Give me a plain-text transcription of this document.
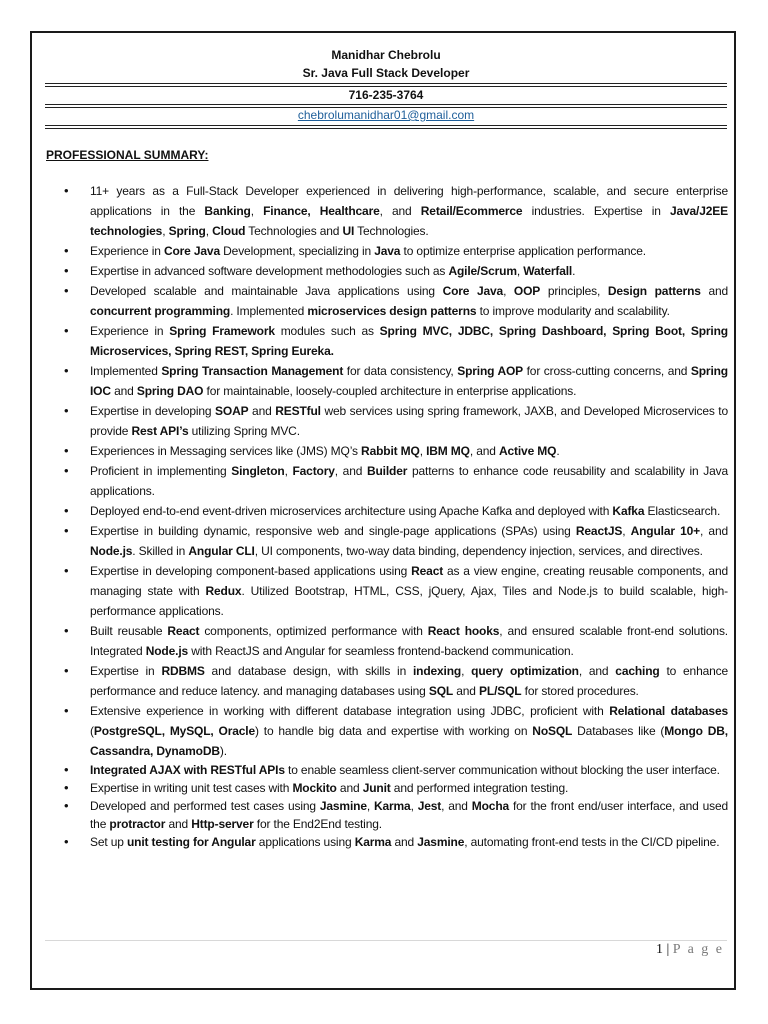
Manidhar Chebrolu
Sr. Java Full Stack Developer
716-235-3764
chebrolumanidhar01@gmail.com
PROFESSIONAL SUMMARY:
• 11+ years as a Full-Stack Developer experienced in delivering high-performance, scalable, and secure enterprise applications in the Banking, Finance, Healthcare, and Retail/Ecommerce industries. Expertise in Java/J2EE technologies, Spring, Cloud Technologies and UI Technologies.
• Experience in Core Java Development, specializing in Java to optimize enterprise application performance.
• Expertise in advanced software development methodologies such as Agile/Scrum, Waterfall.
• Developed scalable and maintainable Java applications using Core Java, OOP principles, Design patterns and concurrent programming. Implemented microservices design patterns to improve modularity and scalability.
• Experience in Spring Framework modules such as Spring MVC, JDBC, Spring Dashboard, Spring Boot, Spring Microservices, Spring REST, Spring Eureka.
• Implemented Spring Transaction Management for data consistency, Spring AOP for cross-cutting concerns, and Spring IOC and Spring DAO for maintainable, loosely-coupled architecture in enterprise applications.
• Expertise in developing SOAP and RESTful web services using spring framework, JAXB, and Developed Microservices to provide Rest API’s utilizing Spring MVC.
• Experiences in Messaging services like (JMS) MQ’s Rabbit MQ, IBM MQ, and Active MQ.
• Proficient in implementing Singleton, Factory, and Builder patterns to enhance code reusability and scalability in Java applications.
• Deployed end-to-end event-driven microservices architecture using Apache Kafka and deployed with Kafka Elasticsearch.
• Expertise in building dynamic, responsive web and single-page applications (SPAs) using ReactJS, Angular 10+, and Node.js. Skilled in Angular CLI, UI components, two-way data binding, dependency injection, services, and directives.
• Expertise in developing component-based applications using React as a view engine, creating reusable components, and managing state with Redux. Utilized Bootstrap, HTML, CSS, jQuery, Ajax, Tiles and Node.js to build scalable, high-performance applications.
• Built reusable React components, optimized performance with React hooks, and ensured scalable front-end solutions. Integrated Node.js with ReactJS and Angular for seamless frontend-backend communication.
• Expertise in RDBMS and database design, with skills in indexing, query optimization, and caching to enhance performance and reduce latency. and managing databases using SQL and PL/SQL for stored procedures.
• Extensive experience in working with different database integration using JDBC, proficient with Relational databases (PostgreSQL, MySQL, Oracle) to handle big data and expertise with working on NoSQL Databases like (Mongo DB, Cassandra, DynamoDB).
• Integrated AJAX with RESTful APIs to enable seamless client-server communication without blocking the user interface.
• Expertise in writing unit test cases with Mockito and Junit and performed integration testing.
• Developed and performed test cases using Jasmine, Karma, Jest, and Mocha for the front end/user interface, and used the protractor and Http-server for the End2End testing.
• Set up unit testing for Angular applications using Karma and Jasmine, automating front-end tests in the CI/CD pipeline.
1 | P a g e
